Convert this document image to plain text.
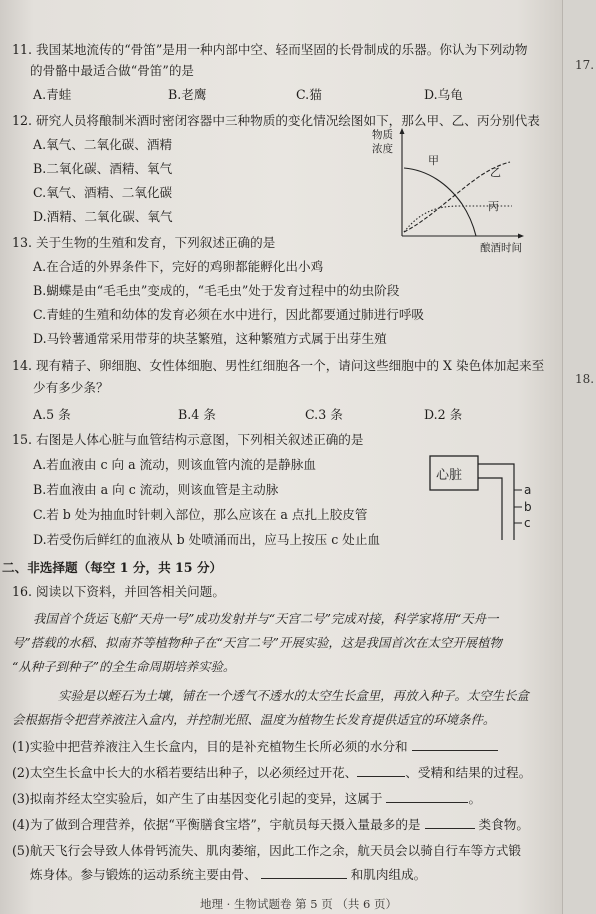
11. 我国某地流传的“骨笛”是用一种内部中空、轻而坚固的长骨制成的乐器。你认为下列动物
的骨骼中最适合做“骨笛”的是
A.青蛙	B.老鹰	C.猫	D.乌龟
12. 研究人员将酿制米酒时密闭容器中三种物质的变化情况绘图如下，那么甲、乙、丙分别代表
A.氧气、二氧化碳、酒精
B.二氧化碳、酒精、氧气
C.氧气、酒精、二氧化碳
D.酒精、二氧化碳、氧气
物质
浓度
酿酒时间
甲
乙
丙
13. 关于生物的生殖和发育，下列叙述正确的是
A.在合适的外界条件下，完好的鸡卵都能孵化出小鸡
B.蝴蝶是由“毛毛虫”变成的，“毛毛虫”处于发育过程中的幼虫阶段
C.青蛙的生殖和幼体的发育必须在水中进行，因此都要通过肺进行呼吸
D.马铃薯通常采用带芽的块茎繁殖，这种繁殖方式属于出芽生殖
14. 现有精子、卵细胞、女性体细胞、男性红细胞各一个，请问这些细胞中的 X 染色体加起来至
少有多少条？
A.5 条	B.4 条	C.3 条	D.2 条
15. 右图是人体心脏与血管结构示意图，下列相关叙述正确的是
A.若血液由 c 向 a 流动，则该血管内流的是静脉血
B.若血液由 a 向 c 流动，则该血管是主动脉
C.若 b 处为抽血时针刺入部位，那么应该在 a 点扎上胶皮管
D.若受伤后鲜红的血液从 b 处喷涌而出，应马上按压 c 处止血
心脏
a
b
c
二、非选择题（每空 1 分，共 15 分）
16. 阅读以下资料，并回答相关问题。
我国首个货运飞船“天舟一号”成功发射并与“天宫二号”完成对接，科学家将用“天舟一
号”搭载的水稻、拟南芥等植物种子在“天宫二号”开展实验，这是我国首次在太空开展植物
“从种子到种子”的全生命周期培养实验。
实验是以蛭石为土壤，铺在一个透气不透水的太空生长盒里，再放入种子。太空生长盒
会根据指令把营养液注入盒内，并控制光照、温度为植物生长发育提供适宜的环境条件。
(1)实验中把营养液注入生长盒内，目的是补充植物生长所必须的水分和
(2)太空生长盒中长大的水稻若要结出种子，以必须经过开花、	、受精和结果的过程。
(3)拟南芥经太空实验后，如产生了由基因变化引起的变异，这属于	。
(4)为了做到合理营养，依据“平衡膳食宝塔”，宇航员每天摄入量最多的是	类食物。
(5)航天飞行会导致人体骨钙流失、肌肉萎缩，因此工作之余，航天员会以骑自行车等方式锻
炼身体。参与锻炼的运动系统主要由骨、	和肌肉组成。
地理 · 生物试题卷 第 5 页 （共 6 页）
17.
18.
